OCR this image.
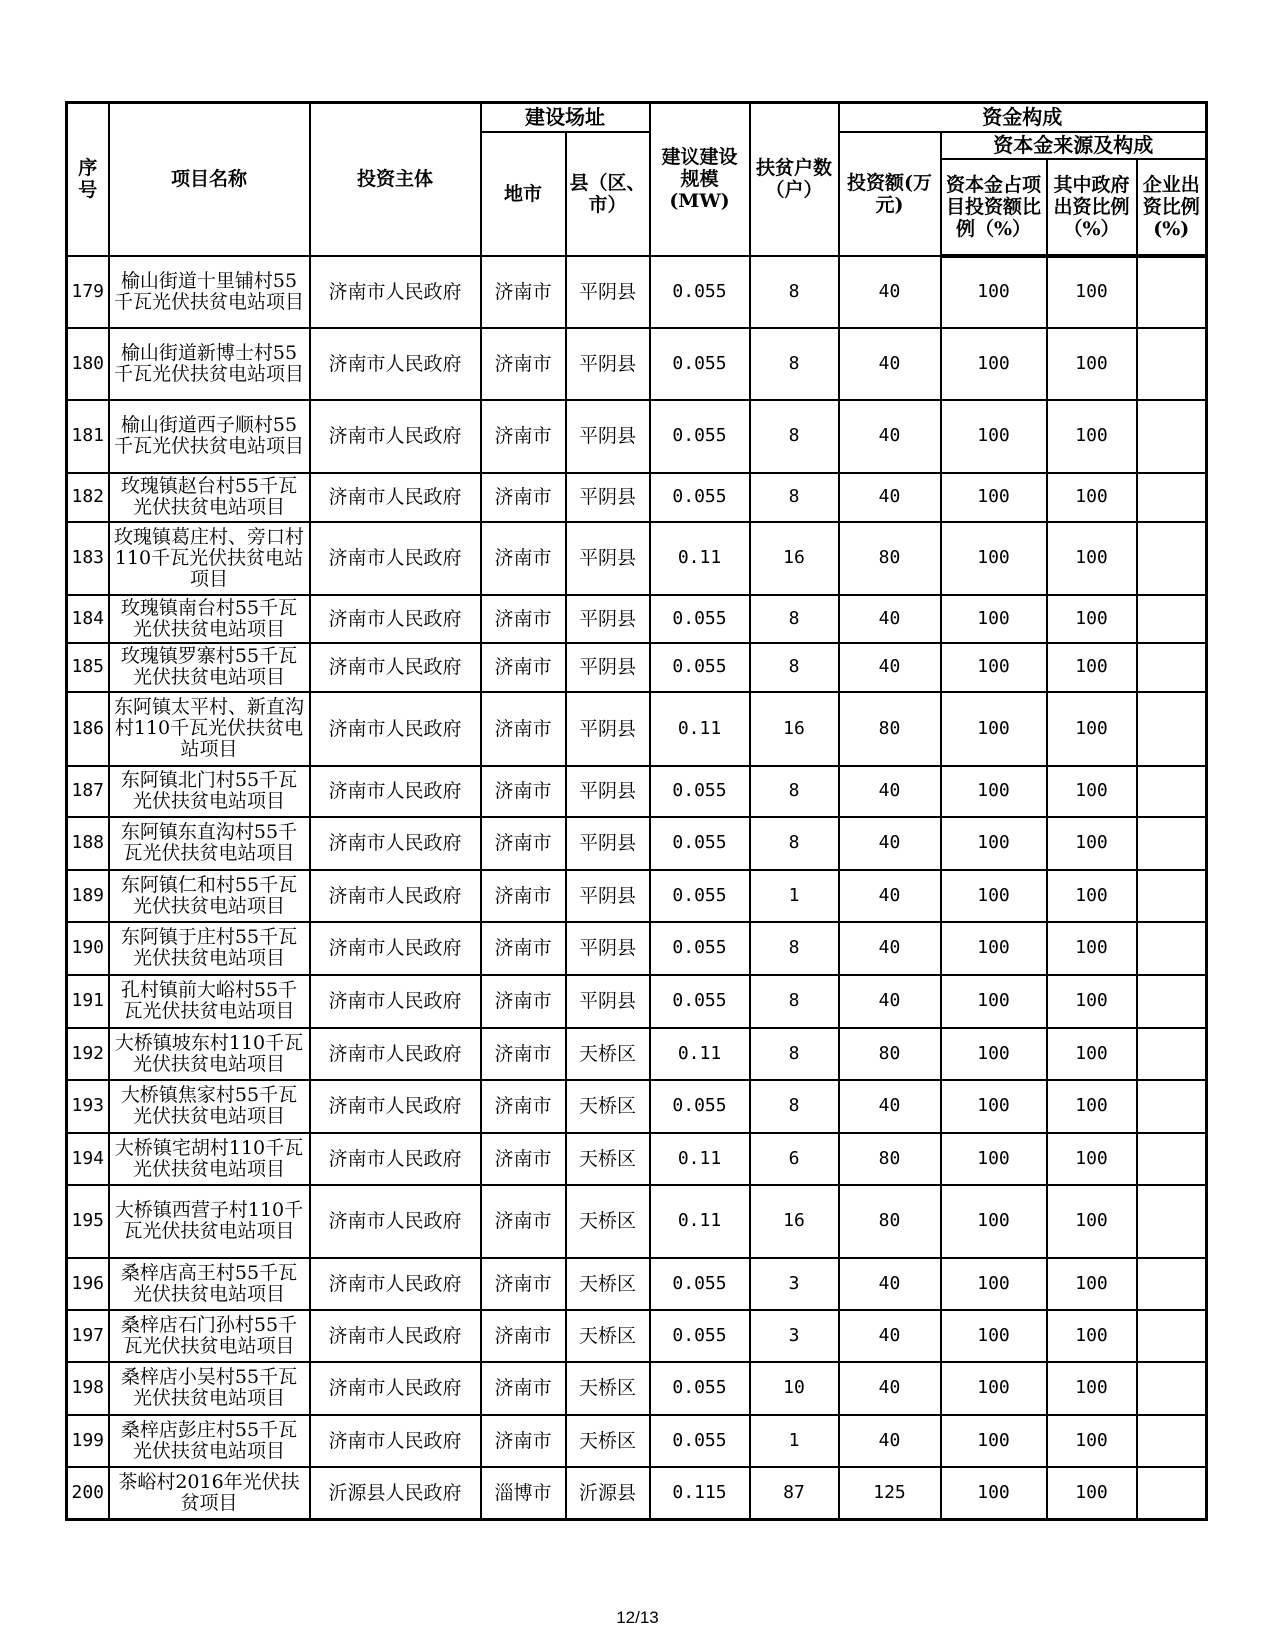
序号	项目名称	投资主体	建设场址		建议建设规模(MW)	扶贫户数（户）	资金构成			
			地市	县（区、市）			投资额(万元)	资本金来源及构成		
								资本金占项目投资额比例（%）	其中政府出资比例（%）	企业出资比例(%)
179	榆山街道十里铺村55千瓦光伏扶贫电站项目	济南市人民政府	济南市	平阴县	0.055	8	40	100	100	
180	榆山街道新博士村55千瓦光伏扶贫电站项目	济南市人民政府	济南市	平阴县	0.055	8	40	100	100	
181	榆山街道西子顺村55千瓦光伏扶贫电站项目	济南市人民政府	济南市	平阴县	0.055	8	40	100	100	
182	玫瑰镇赵台村55千瓦光伏扶贫电站项目	济南市人民政府	济南市	平阴县	0.055	8	40	100	100	
183	玫瑰镇葛庄村、旁口村110千瓦光伏扶贫电站项目	济南市人民政府	济南市	平阴县	0.11	16	80	100	100	
184	玫瑰镇南台村55千瓦光伏扶贫电站项目	济南市人民政府	济南市	平阴县	0.055	8	40	100	100	
185	玫瑰镇罗寨村55千瓦光伏扶贫电站项目	济南市人民政府	济南市	平阴县	0.055	8	40	100	100	
186	东阿镇太平村、新直沟村110千瓦光伏扶贫电站项目	济南市人民政府	济南市	平阴县	0.11	16	80	100	100	
187	东阿镇北门村55千瓦光伏扶贫电站项目	济南市人民政府	济南市	平阴县	0.055	8	40	100	100	
188	东阿镇东直沟村55千瓦光伏扶贫电站项目	济南市人民政府	济南市	平阴县	0.055	8	40	100	100	
189	东阿镇仁和村55千瓦光伏扶贫电站项目	济南市人民政府	济南市	平阴县	0.055	1	40	100	100	
190	东阿镇于庄村55千瓦光伏扶贫电站项目	济南市人民政府	济南市	平阴县	0.055	8	40	100	100	
191	孔村镇前大峪村55千瓦光伏扶贫电站项目	济南市人民政府	济南市	平阴县	0.055	8	40	100	100	
192	大桥镇坡东村110千瓦光伏扶贫电站项目	济南市人民政府	济南市	天桥区	0.11	8	80	100	100	
193	大桥镇焦家村55千瓦光伏扶贫电站项目	济南市人民政府	济南市	天桥区	0.055	8	40	100	100	
194	大桥镇宅胡村110千瓦光伏扶贫电站项目	济南市人民政府	济南市	天桥区	0.11	6	80	100	100	
195	大桥镇西营子村110千瓦光伏扶贫电站项目	济南市人民政府	济南市	天桥区	0.11	16	80	100	100	
196	桑梓店高王村55千瓦光伏扶贫电站项目	济南市人民政府	济南市	天桥区	0.055	3	40	100	100	
197	桑梓店石门孙村55千瓦光伏扶贫电站项目	济南市人民政府	济南市	天桥区	0.055	3	40	100	100	
198	桑梓店小吴村55千瓦光伏扶贫电站项目	济南市人民政府	济南市	天桥区	0.055	10	40	100	100	
199	桑梓店彭庄村55千瓦光伏扶贫电站项目	济南市人民政府	济南市	天桥区	0.055	1	40	100	100	
200	茶峪村2016年光伏扶贫项目	沂源县人民政府	淄博市	沂源县	0.115	87	125	100	100	
12/13
